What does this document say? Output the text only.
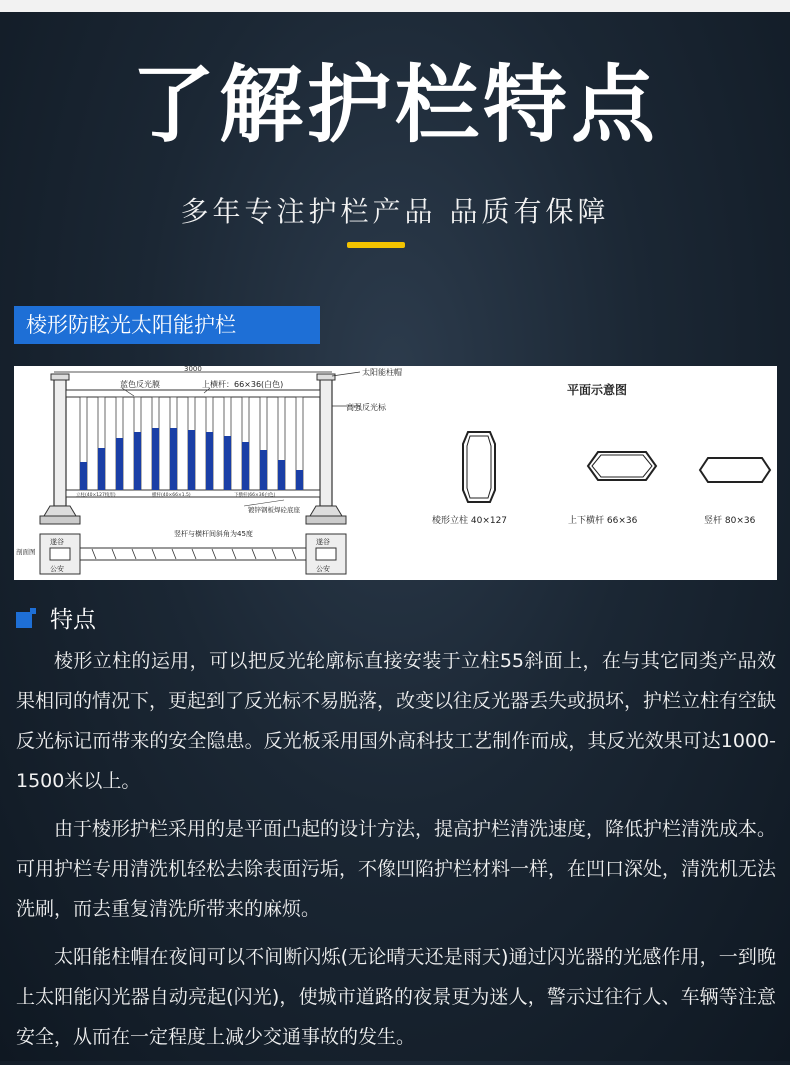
了解护栏特点
多年专注护栏产品 品质有保障
棱形防眩光太阳能护栏
3000	太阳能柱帽
高强反光标
蓝色反光膜	上横杆：66×36(白色)
立柱(40×127棱形)	横杆(40×66×1.5)	下横杆(66×36白色)
镀锌钢板焊砼底座
竖杆与横杆间斜角为45度
剖面图
遂谷
公安
遂谷
公安
平面示意图
棱形立柱 40×127	上下横杆 66×36	竖杆 80×36
特点

棱形立柱的运用，可以把反光轮廓标直接安装于立柱55斜面上，在与其它同类产品效果相同的情况下，更起到了反光标不易脱落，改变以往反光器丢失或损坏，护栏立柱有空缺反光标记而带来的安全隐患。反光板采用国外高科技工艺制作而成，其反光效果可达1000-1500米以上。

由于棱形护栏采用的是平面凸起的设计方法，提高护栏清洗速度，降低护栏清洗成本。可用护栏专用清洗机轻松去除表面污垢，不像凹陷护栏材料一样，在凹口深处，清洗机无法洗刷，而去重复清洗所带来的麻烦。

太阳能柱帽在夜间可以不间断闪烁(无论晴天还是雨天)通过闪光器的光感作用，一到晚上太阳能闪光器自动亮起(闪光)，使城市道路的夜景更为迷人，警示过往行人、车辆等注意安全，从而在一定程度上减少交通事故的发生。
